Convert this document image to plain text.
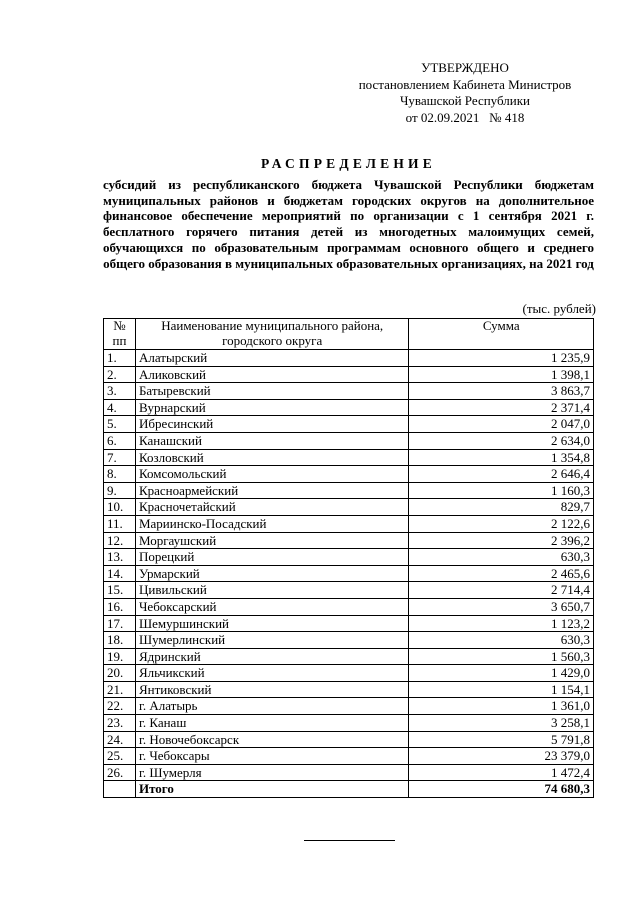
УТВЕРЖДЕНО
постановлением Кабинета Министров
Чувашской Республики
от 02.09.2021   № 418
РАСПРЕДЕЛЕНИЕ
субсидий из республиканского бюджета Чувашской Республики бюджетам муниципальных районов и бюджетам городских округов на дополнительное финансовое обеспечение мероприятий по организации с 1 сентября 2021 г. бесплатного горячего питания детей из многодетных малоимущих семей, обучающихся по образовательным программам основного общего и среднего общего образования в муниципальных образовательных организациях, на 2021 год
(тыс. рублей)
№ пп	Наименование муниципального района, городского округа	Сумма
1.	Алатырский	1 235,9
2.	Аликовский	1 398,1
3.	Батыревский	3 863,7
4.	Вурнарский	2 371,4
5.	Ибресинский	2 047,0
6.	Канашский	2 634,0
7.	Козловский	1 354,8
8.	Комсомольский	2 646,4
9.	Красноармейский	1 160,3
10.	Красночетайский	829,7
11.	Мариинско-Посадский	2 122,6
12.	Моргаушский	2 396,2
13.	Порецкий	630,3
14.	Урмарский	2 465,6
15.	Цивильский	2 714,4
16.	Чебоксарский	3 650,7
17.	Шемуршинский	1 123,2
18.	Шумерлинский	630,3
19.	Ядринский	1 560,3
20.	Яльчикский	1 429,0
21.	Янтиковский	1 154,1
22.	г. Алатырь	1 361,0
23.	г. Канаш	3 258,1
24.	г. Новочебоксарск	5 791,8
25.	г. Чебоксары	23 379,0
26.	г. Шумерля	1 472,4
	Итого	74 680,3
